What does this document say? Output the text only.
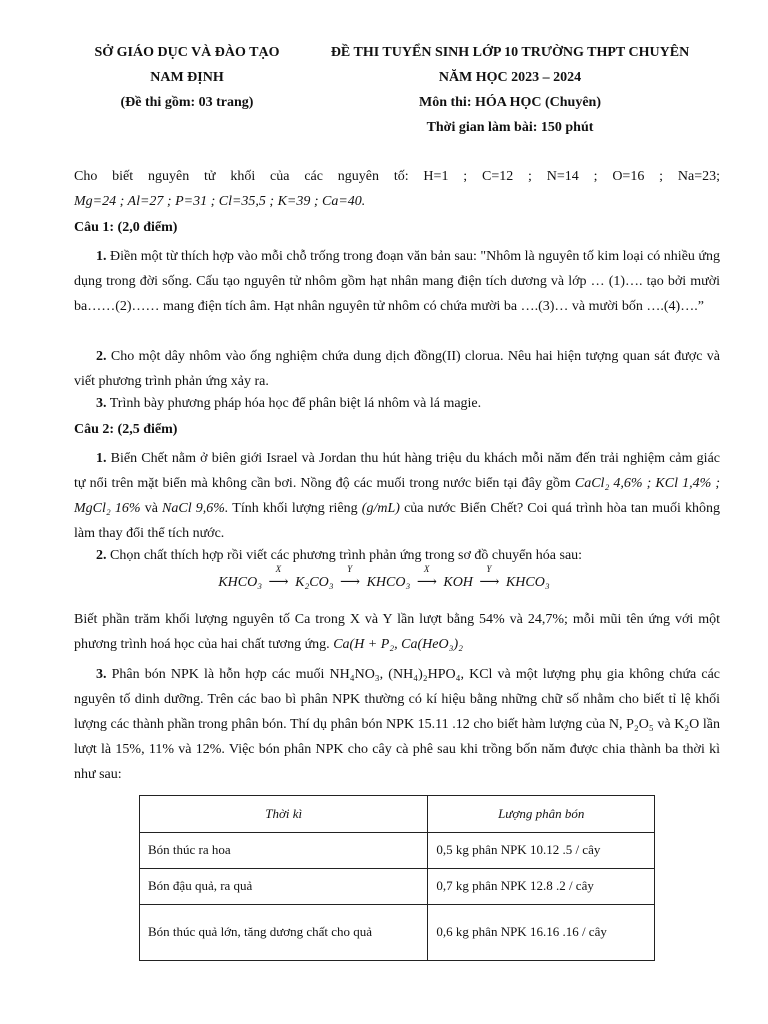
SỞ GIÁO DỤC VÀ ĐÀO TẠO
NAM ĐỊNH
(Đề thi gồm: 03 trang)
ĐỀ THI TUYỂN SINH LỚP 10 TRƯỜNG THPT CHUYÊN
NĂM HỌC 2023 – 2024
Môn thi: HÓA HỌC (Chuyên)
Thời gian làm bài: 150 phút

Cho biết nguyên tử khối của các nguyên tố: H=1 ; C=12 ; N=14 ; O=16 ; Na=23;

Mg=24 ; Al=27 ; P=31 ; Cl=35,5 ; K=39 ; Ca=40.

Câu 1: (2,0 điểm)

1. Điền một từ thích hợp vào mỗi chỗ trống trong đoạn văn bản sau: "Nhôm là nguyên tố kim loại có nhiều ứng dụng trong đời sống. Cấu tạo nguyên tử nhôm gồm hạt nhân mang điện tích dương và lớp … (1)…. tạo bởi mười ba……(2)…… mang điện tích âm. Hạt nhân nguyên tử nhôm có chứa mười ba ….(3)… và mười bốn ….(4)….”

2. Cho một dây nhôm vào ống nghiệm chứa dung dịch đồng(II) clorua. Nêu hai hiện tượng quan sát được và viết phương trình phản ứng xảy ra.

3. Trình bày phương pháp hóa học để phân biệt lá nhôm và lá magie.

Câu 2: (2,5 điểm)

1. Biển Chết nằm ở biên giới Israel và Jordan thu hút hàng triệu du khách mỗi năm đến trải nghiệm cảm giác tự nổi trên mặt biển mà không cần bơi. Nồng độ các muối trong nước biển tại đây gồm CaCl₂ 4,6% ; KCl 1,4% ; MgCl₂ 16% và NaCl 9,6%. Tính khối lượng riêng (g/mL) của nước Biển Chết? Coi quá trình hòa tan muối không làm thay đổi thể tích nước.

2. Chọn chất thích hợp rồi viết các phương trình phản ứng trong sơ đồ chuyển hóa sau:

KHCO₃
X
⟶ K₂CO₃
Y
⟶ KHCO₃
X
⟶ KOH
Y
⟶ KHCO₃

Biết phần trăm khối lượng nguyên tố Ca trong X và Y lần lượt bằng 54% và 24,7%; mỗi mũi tên ứng với một phương trình hoá học của hai chất tương ứng. Ca(H + P₂, Ca(HeO₃)₂

3. Phân bón NPK là hỗn hợp các muối NH₄NO₃, (NH₄)₂HPO₄, KCl và một lượng phụ gia không chứa các nguyên tố dinh dưỡng. Trên các bao bì phân NPK thường có kí hiệu bằng những chữ số nhằm cho biết tỉ lệ khối lượng các thành phần trong phân bón. Thí dụ phân bón NPK 15.11 .12 cho biết hàm lượng của N, P₂O₅ và K₂O lần lượt là 15%, 11% và 12%. Việc bón phân NPK cho cây cà phê sau khi trồng bốn năm được chia thành ba thời kì như sau:

Thời kì	Lượng phân bón
Bón thúc ra hoa	0,5 kg phân NPK 10.12 .5 / cây
Bón đậu quả, ra quả	0,7 kg phân NPK 12.8 .2 / cây
Bón thúc quả lớn, tăng dương chất cho quả	0,6 kg phân NPK 16.16 .16 / cây
